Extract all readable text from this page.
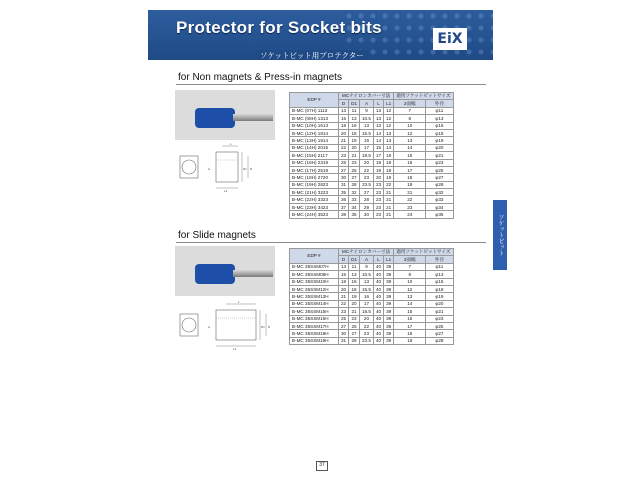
Protector for Socket bits
ソケットビット用プロテクター
EiX
for Non magnets & Press-in magnets
L
L1
A	D1 D
EDP #	MCナイロンカバー寸法					適用ソケットビットサイズ	
	D	D1	A	L	L1	2面幅	外径
B-MC (07H) 1113	13	11	9	13	12	7	φ11
B-MC (08H) 1313	15	13	10.5	13	12	8	φ13
B-MC (10H) 1613	18	16	13	13	12	10	φ16
B-MC (12H) 1814	20	18	15.5	14	13	12	φ18
B-MC (13H) 1914	21	19	16	14	13	13	φ19
B-MC (14H) 2015	22	20	17	15	14	14	φ20
B-MC (15H) 2117	23	21	18.5	17	16	15	φ21
B-MC (16H) 2319	25	23	20	19	18	16	φ23
B-MC (17H) 2519	27	25	22	19	18	17	φ25
B-MC (18H) 2720	30	27	23	20	19	18	φ27
B-MC (19H) 2823	31	28	23.5	23	22	19	φ28
B-MC (21H) 3223	35	32	27	23	21	21	φ32
B-MC (22H) 3323	36	33	28	23	21	22	φ33
B-MC (23H) 3423	37	34	29	23	21	23	φ34
B-MC (24H) 3523	38	35	30	23	21	24	φ35
for Slide magnets
L
L1
A	D1 D
EDP #	MCナイロンカバー寸法					適用ソケットビットサイズ	
	D	D1	A	L	L1	2面幅	外径
B-MC 35SSM07H	13	11	9	40	39	7	φ11
B-MC 35SSM08H	15	13	10.5	40	39	8	φ13
B-MC 35SSM10H	18	16	13	40	39	10	φ16
B-MC 35SSM12H	20	18	15.5	40	39	12	φ18
B-MC 35SSM13H	21	19	16	40	39	13	φ19
B-MC 35SSM14H	22	20	17	40	39	14	φ20
B-MC 35SSM15H	23	21	18.5	40	39	15	φ21
B-MC 35SSM16H	25	23	20	40	39	16	φ23
B-MC 35SSM17H	27	25	22	40	39	17	φ25
B-MC 35SSM18H	30	27	23	40	39	18	φ27
B-MC 35SSM19H	31	28	23.5	40	39	19	φ28
37
ソケットビット
